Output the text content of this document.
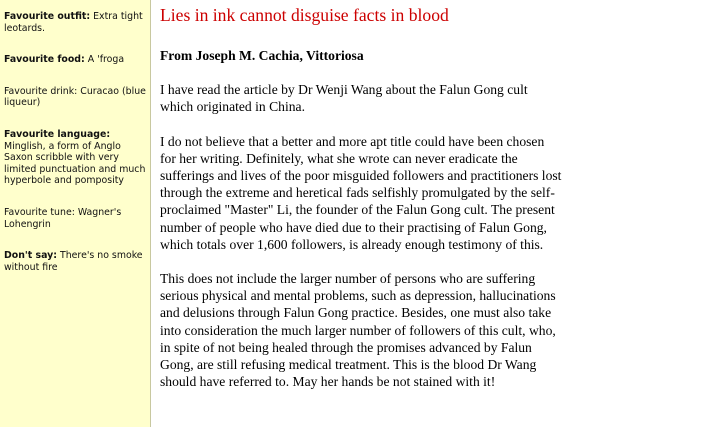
Favourite outfit: Extra tight leotards.
Favourite food: A 'froga
Favourite drink: Curacao (blue liqueur)
Favourite language: Minglish, a form of Anglo Saxon scribble with very limited punctuation and much hyperbole and pomposity
Favourite tune: Wagner's Lohengrin
Don't say: There's no smoke without fire
Lies in ink cannot disguise facts in blood
From Joseph M. Cachia, Vittoriosa
I have read the article by Dr Wenji Wang about the Falun Gong cult
which originated in China.
I do not believe that a better and more apt title could have been chosen
for her writing. Definitely, what she wrote can never eradicate the
sufferings and lives of the poor misguided followers and practitioners lost
through the extreme and heretical fads selfishly promulgated by the self-
proclaimed "Master" Li, the founder of the Falun Gong cult. The present
number of people who have died due to their practising of Falun Gong,
which totals over 1,600 followers, is already enough testimony of this.
This does not include the larger number of persons who are suffering
serious physical and mental problems, such as depression, hallucinations
and delusions through Falun Gong practice. Besides, one must also take
into consideration the much larger number of followers of this cult, who,
in spite of not being healed through the promises advanced by Falun
Gong, are still refusing medical treatment. This is the blood Dr Wang
should have referred to. May her hands be not stained with it!
